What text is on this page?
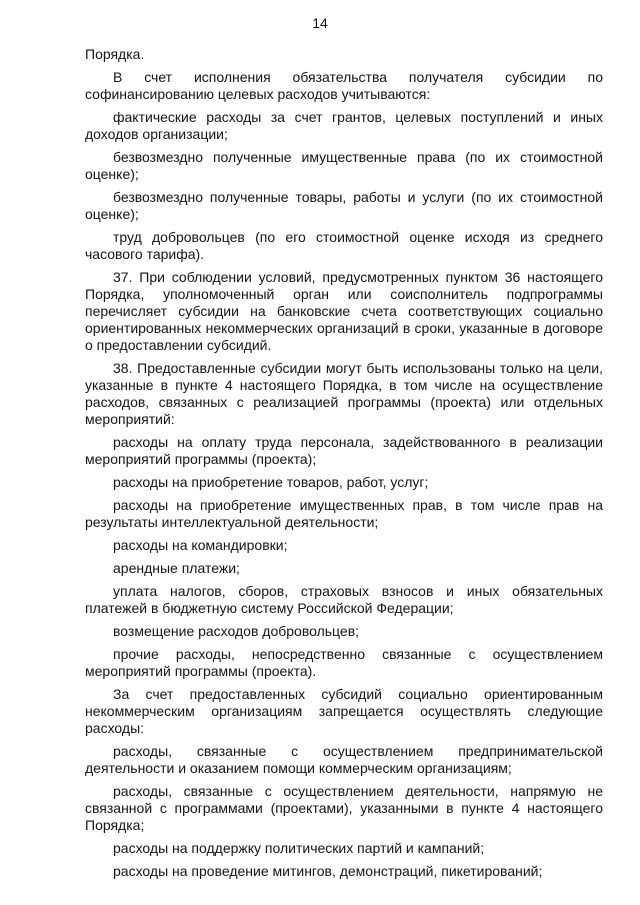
14

Порядка.

В счет исполнения обязательства получателя субсидии по софинансированию целевых расходов учитываются:

фактические расходы за счет грантов, целевых поступлений и иных доходов организации;

безвозмездно полученные имущественные права (по их стоимостной оценке);

безвозмездно полученные товары, работы и услуги (по их стоимостной оценке);

труд добровольцев (по его стоимостной оценке исходя из среднего часового тарифа).

37. При соблюдении условий, предусмотренных пунктом 36 настоящего Порядка, уполномоченный орган или соисполнитель подпрограммы перечисляет субсидии на банковские счета соответствующих социально ориентированных некоммерческих организаций в сроки, указанные в договоре о предоставлении субсидий.

38. Предоставленные субсидии могут быть использованы только на цели, указанные в пункте 4 настоящего Порядка, в том числе на осуществление расходов, связанных с реализацией программы (проекта) или отдельных мероприятий:

расходы на оплату труда персонала, задействованного в реализации мероприятий программы (проекта);

расходы на приобретение товаров, работ, услуг;

расходы на приобретение имущественных прав, в том числе прав на результаты интеллектуальной деятельности;

расходы на командировки;

арендные платежи;

уплата налогов, сборов, страховых взносов и иных обязательных платежей в бюджетную систему Российской Федерации;

возмещение расходов добровольцев;

прочие расходы, непосредственно связанные с осуществлением мероприятий программы (проекта).

За счет предоставленных субсидий социально ориентированным некоммерческим организациям запрещается осуществлять следующие расходы:

расходы, связанные с осуществлением предпринимательской деятельности и оказанием помощи коммерческим организациям;

расходы, связанные с осуществлением деятельности, напрямую не связанной с программами (проектами), указанными в пункте 4 настоящего Порядка;

расходы на поддержку политических партий и кампаний;

расходы на проведение митингов, демонстраций, пикетирований;
